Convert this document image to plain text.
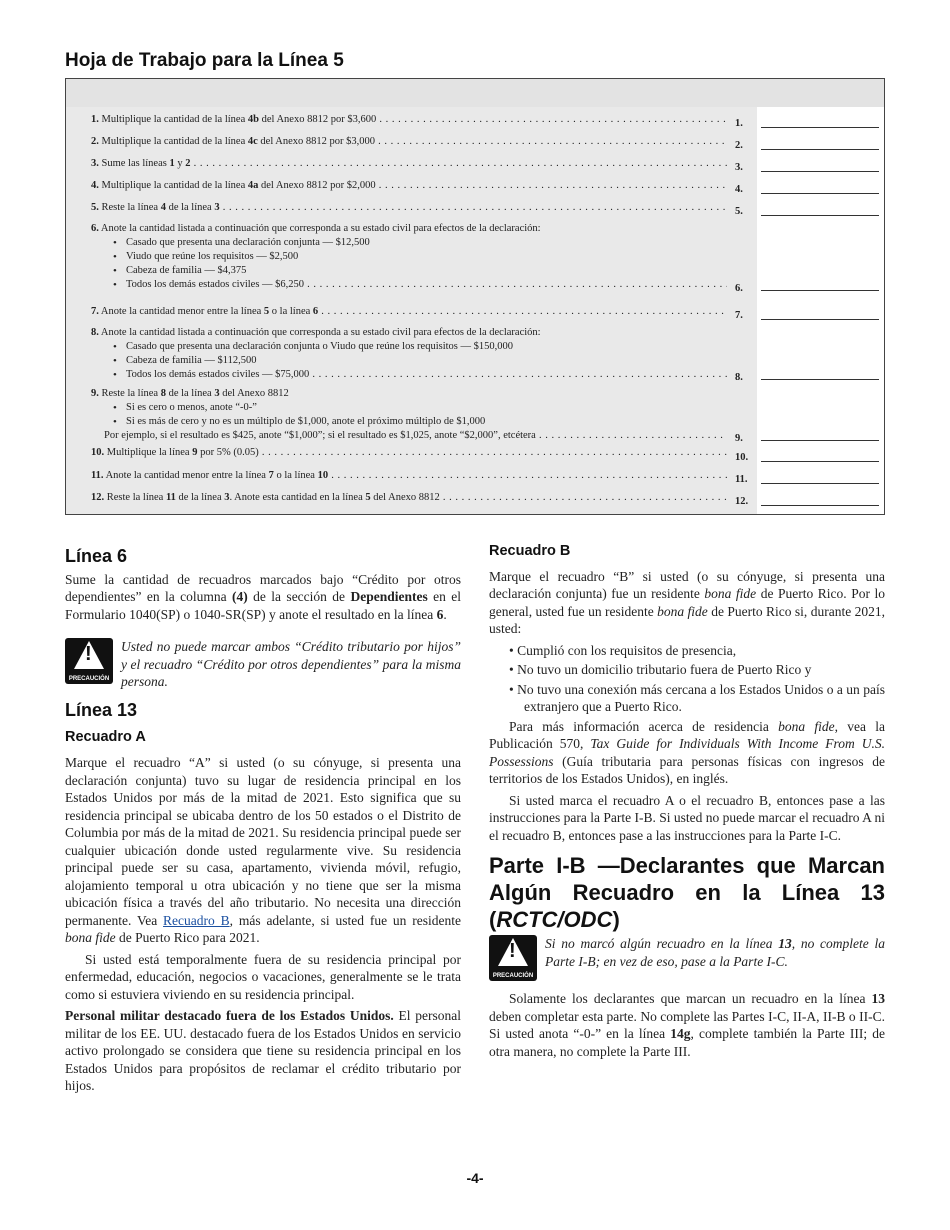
Hoja de Trabajo para la Línea 5
1. Multiplique la cantidad de la línea 4b del Anexo 8812 por $3,600 . . .	1.
2. Multiplique la cantidad de la línea 4c del Anexo 8812 por $3,000 . . .	2.
3. Sume las líneas 1 y 2 . . .	3.
4. Multiplique la cantidad de la línea 4a del Anexo 8812 por $2,000 . . .	4.
5. Reste la línea 4 de la línea 3 . . .	5.
6. Anote la cantidad listada a continuación que corresponda a su estado civil para efectos de la declaración:
• Casado que presenta una declaración conjunta — $12,500
• Viudo que reúne los requisitos — $2,500
• Cabeza de familia — $4,375
Todos los demás estados civiles — $6,250 . . .
•	6.
7. Anote la cantidad menor entre la línea 5 o la línea 6 . . .	7.
8. Anote la cantidad listada a continuación que corresponda a su estado civil para efectos de la declaración:
• Casado que presenta una declaración conjunta o Viudo que reúne los requisitos — $150,000
• Cabeza de familia — $112,500
Todos los demás estados civiles — $75,000 . . .
•	8.
9. Reste la línea 8 de la línea 3 del Anexo 8812
• Si es cero o menos, anote “-0-”
• Si es más de cero y no es un múltiplo de $1,000, anote el próximo múltiplo de $1,000
Por ejemplo, si el resultado es $425, anote “$1,000”; si el resultado es $1,025, anote “$2,000”, etcétera . . .	9.
10. Multiplique la línea 9 por 5% (0.05) . . .	10.
11. Anote la cantidad menor entre la línea 7 o la línea 10 . . .	11.
12. Reste la línea 11 de la línea 3. Anote esta cantidad en la línea 5 del Anexo 8812 . . .	12.
Línea 6

Sume la cantidad de recuadros marcados bajo “Crédito por otros dependientes” en la columna (4) de la sección de Dependientes en el Formulario 1040(SP) o 1040-SR(SP) y anote el resultado en la línea 6.

!
PRECAUCIÓN
Usted no puede marcar ambos “Crédito tributario por hijos” y el recuadro “Crédito por otros dependientes” para la misma persona.
Línea 13
Recuadro A

Marque el recuadro “A” si usted (o su cónyuge, si presenta una declaración conjunta) tuvo su lugar de residencia principal en los Estados Unidos por más de la mitad de 2021. Esto significa que su residencia principal se ubicaba dentro de los 50 estados o el Distrito de Columbia por más de la mitad de 2021. Su residencia principal puede ser cualquier ubicación donde usted regularmente vive. Su residencia principal puede ser su casa, apartamento, vivienda móvil, refugio, alojamiento temporal u otra ubicación y no tiene que ser la misma ubicación física a través del año tributario. No necesita una dirección permanente. Vea Recuadro B, más adelante, si usted fue un residente bona fide de Puerto Rico para 2021.

Si usted está temporalmente fuera de su residencia principal por enfermedad, educación, negocios o vacaciones, generalmente se le trata como si estuviera viviendo en su residencia principal.

Personal militar destacado fuera de los Estados Unidos. El personal militar de los EE. UU. destacado fuera de los Estados Unidos en servicio activo prolongado se considera que tiene su residencia principal en los Estados Unidos para propósitos de reclamar el crédito tributario por hijos.

Recuadro B

Marque el recuadro “B” si usted (o su cónyuge, si presenta una declaración conjunta) fue un residente bona fide de Puerto Rico. Por lo general, usted fue un residente bona fide de Puerto Rico si, durante 2021, usted:

• Cumplió con los requisitos de presencia,
• No tuvo un domicilio tributario fuera de Puerto Rico y
• No tuvo una conexión más cercana a los Estados Unidos o a un país extranjero que a Puerto Rico.

Para más información acerca de residencia bona fide, vea la Publicación 570, Tax Guide for Individuals With Income From U.S. Possessions (Guía tributaria para personas físicas con ingresos de territorios de los Estados Unidos), en inglés.

Si usted marca el recuadro A o el recuadro B, entonces pase a las instrucciones para la Parte I-B. Si usted no puede marcar el recuadro A ni el recuadro B, entonces pase a las instrucciones para la Parte I-C.

Parte I-B —Declarantes que Marcan Algún Recuadro en la Línea 13 (RCTC/ODC)
!
PRECAUCIÓN
Si no marcó algún recuadro en la línea 13, no complete la Parte I-B; en vez de eso, pase a la Parte I-C.

Solamente los declarantes que marcan un recuadro en la línea 13 deben completar esta parte. No complete las Partes I-C, II-A, II-B o II-C. Si usted anota “-0-” en la línea 14g, complete también la Parte III; de otra manera, no complete la Parte III.

-4-
